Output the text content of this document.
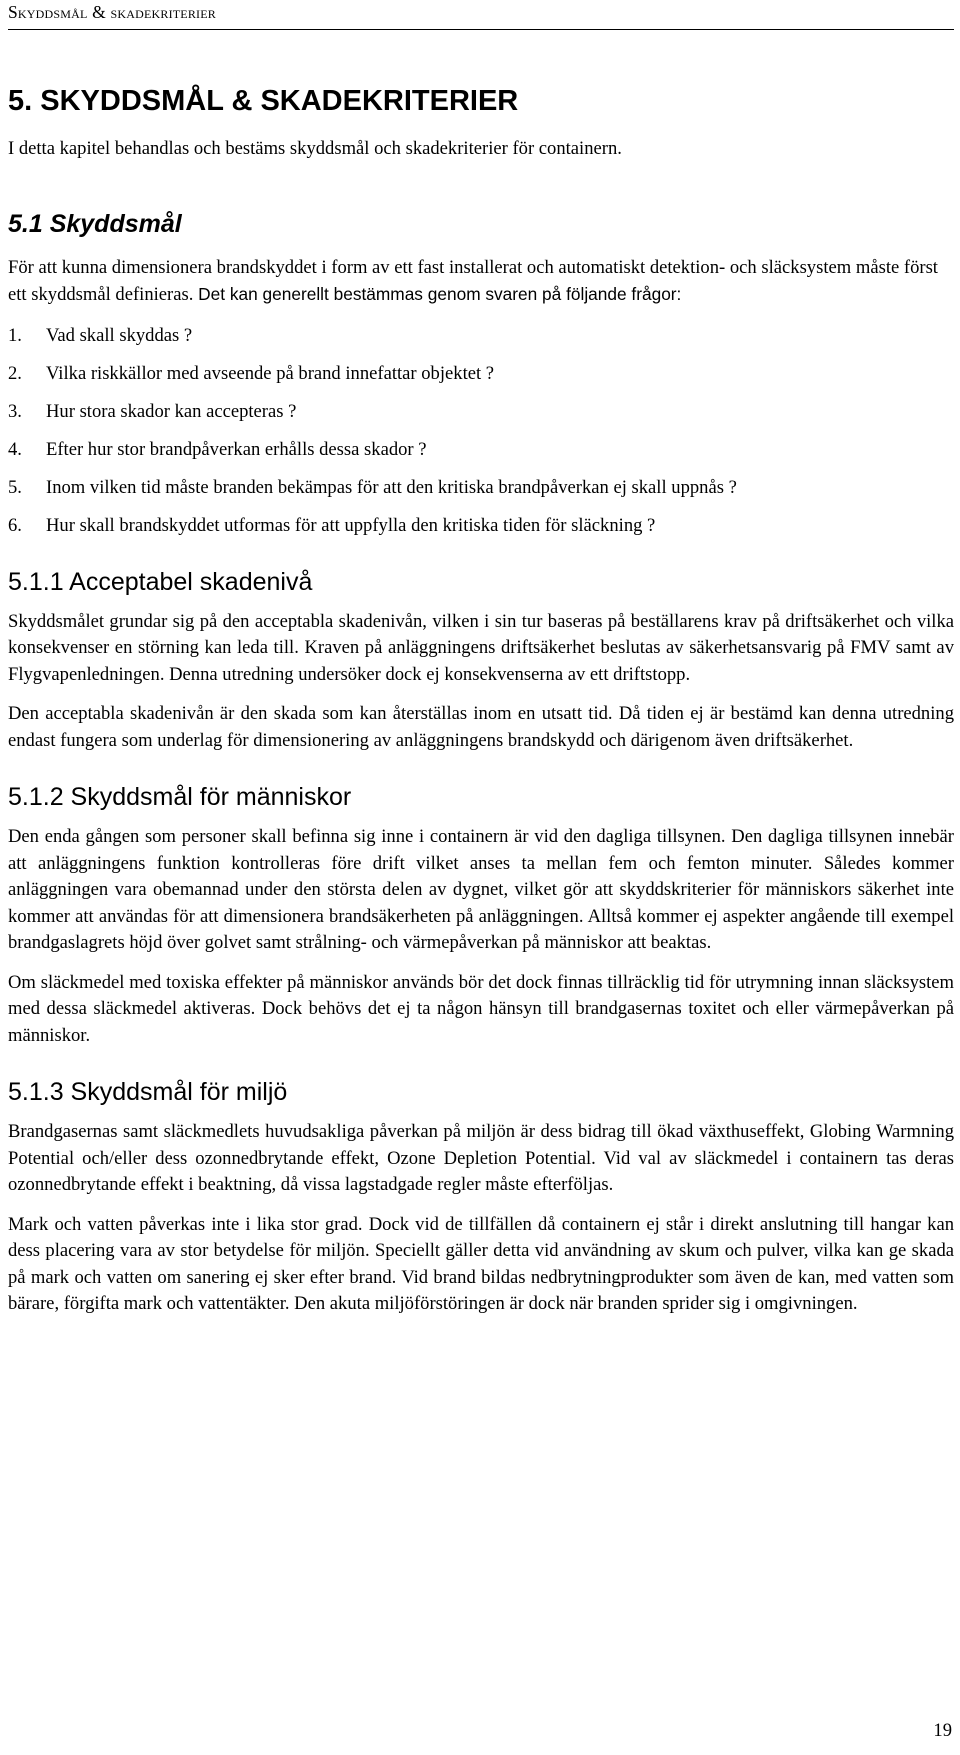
Skyddsmål & skadekriterier
5. SKYDDSMÅL & SKADEKRITERIER

I detta kapitel behandlas och bestäms skyddsmål och skadekriterier för containern.

5.1 Skyddsmål

För att kunna dimensionera brandskyddet i form av ett fast installerat och automatiskt detektion- och släcksystem måste först ett skyddsmål definieras. Det kan generellt bestämmas genom svaren på följande frågor:

1.	Vad skall skyddas ?
2.	Vilka riskkällor med avseende på brand innefattar objektet ?
3.	Hur stora skador kan accepteras ?
4.	Efter hur stor brandpåverkan erhålls dessa skador ?
5.	Inom vilken tid måste branden bekämpas för att den kritiska brandpåverkan ej skall uppnås ?
6.	Hur skall brandskyddet utformas för att uppfylla den kritiska tiden för släckning ?
5.1.1 Acceptabel skadenivå

Skyddsmålet grundar sig på den acceptabla skadenivån, vilken i sin tur baseras på beställarens krav på driftsäkerhet och vilka konsekvenser en störning kan leda till. Kraven på anläggningens driftsäkerhet beslutas av säkerhetsansvarig på FMV samt av Flygvapenledningen. Denna utredning undersöker dock ej konsekvenserna av ett driftstopp.

Den acceptabla skadenivån är den skada som kan återställas inom en utsatt tid. Då tiden ej är bestämd kan denna utredning endast fungera som underlag för dimensionering av anläggningens brandskydd och därigenom även driftsäkerhet.

5.1.2 Skyddsmål för människor

Den enda gången som personer skall befinna sig inne i containern är vid den dagliga tillsynen. Den dagliga tillsynen innebär att anläggningens funktion kontrolleras före drift vilket anses ta mellan fem och femton minuter. Således kommer anläggningen vara obemannad under den största delen av dygnet, vilket gör att skyddskriterier för människors säkerhet inte kommer att användas för att dimensionera brandsäkerheten på anläggningen. Alltså kommer ej aspekter angående till exempel brandgaslagrets höjd över golvet samt strålning- och värmepåverkan på människor att beaktas.

Om släckmedel med toxiska effekter på människor används bör det dock finnas tillräcklig tid för utrymning innan släcksystem med dessa släckmedel aktiveras. Dock behövs det ej ta någon hänsyn till brandgasernas toxitet och eller värmepåverkan på människor.

5.1.3 Skyddsmål för miljö

Brandgasernas samt släckmedlets huvudsakliga påverkan på miljön är dess bidrag till ökad växthuseffekt, Globing Warmning Potential och/eller dess ozonnedbrytande effekt, Ozone Depletion Potential. Vid val av släckmedel i containern tas deras ozonnedbrytande effekt i beaktning, då vissa lagstadgade regler måste efterföljas.

Mark och vatten påverkas inte i lika stor grad. Dock vid de tillfällen då containern ej står i direkt anslutning till hangar kan dess placering vara av stor betydelse för miljön. Speciellt gäller detta vid användning av skum och pulver, vilka kan ge skada på mark och vatten om sanering ej sker efter brand. Vid brand bildas nedbrytningprodukter som även de kan, med vatten som bärare, förgifta mark och vattentäkter. Den akuta miljöförstöringen är dock när branden sprider sig i omgivningen.

19
